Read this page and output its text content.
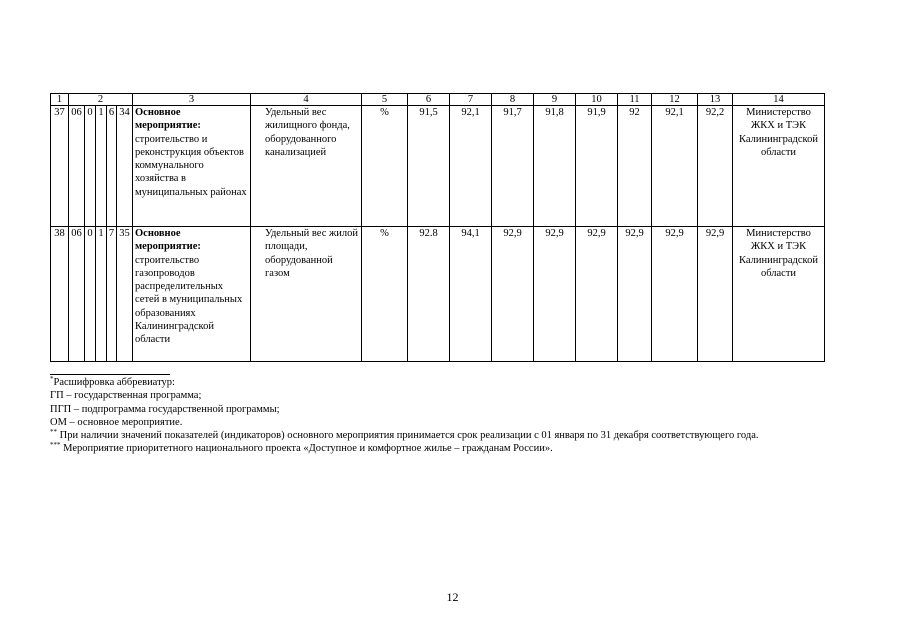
1	2					3	4	5	6	7	8	9	10	11	12	13	14
37	06	0	1	6	34	Основное мероприятие: строительство и реконструкция объектов коммунального хозяйства в муниципальных районах	Удельный вес жилищного фонда, оборудованного канализацией	%	91,5	92,1	91,7	91,8	91,9	92	92,1	92,2	Министерство ЖКХ и ТЭК Калининградской области
38	06	0	1	7	35	Основное мероприятие: строительство газопроводов распределительных сетей в муниципальных образованиях Калининградской области	Удельный вес жилой площади, оборудованной газом	%	92.8	94,1	92,9	92,9	92,9	92,9	92,9	92,9	Министерство ЖКХ и ТЭК Калининградской области

*Расшифровка аббревиатур:

ГП – государственная программа;

ПГП – подпрограмма государственной программы;

ОМ – основное мероприятие.

** При наличии значений показателей (индикаторов) основного мероприятия принимается срок реализации с 01 января по 31 декабря соответствующего года.

*** Мероприятие приоритетного национального проекта «Доступное и комфортное жилье – гражданам России».

12
